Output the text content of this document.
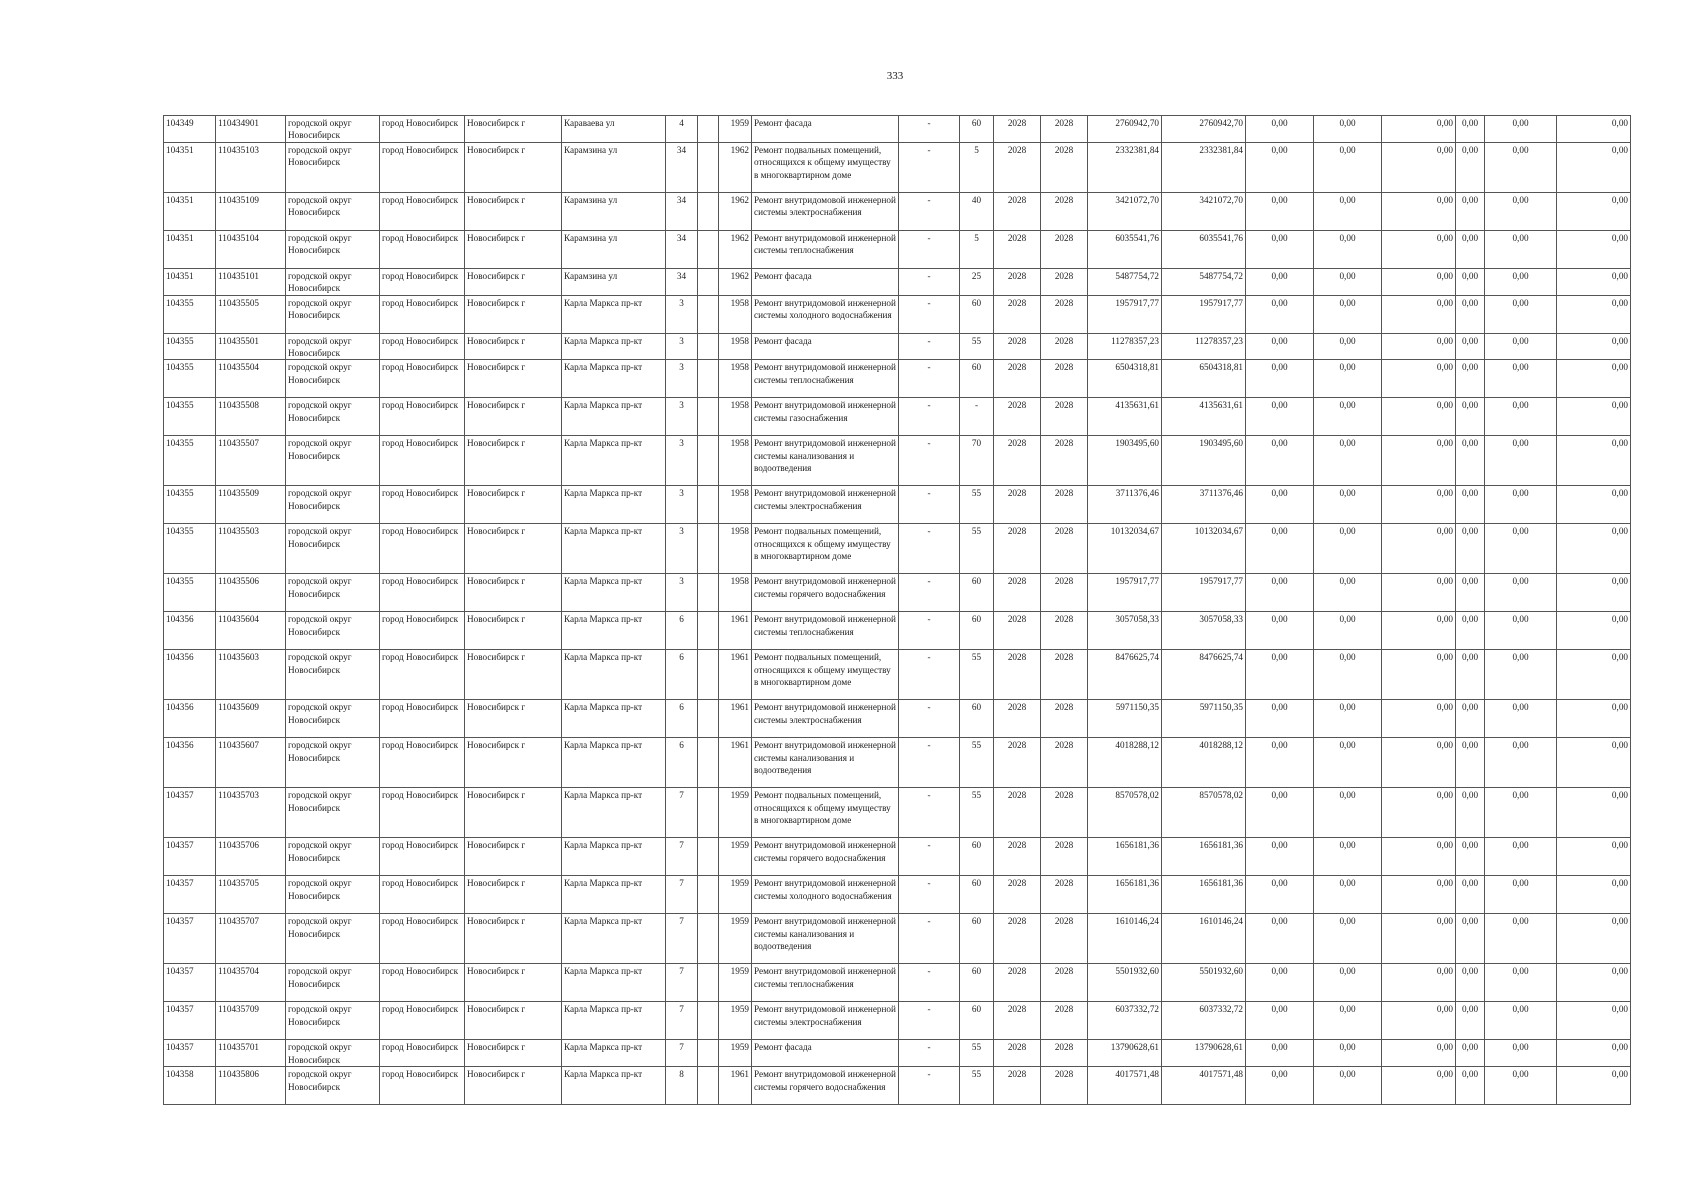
333
104349	110434901	городской округ Новосибирск	город Новосибирск	Новосибирск г	Караваева ул	4		1959	Ремонт фасада	-	60	2028	2028	2760942,70	2760942,70	0,00	0,00	0,00	0,00	0,00	0,00
104351	110435103	городской округ Новосибирск	город Новосибирск	Новосибирск г	Карамзина ул	34		1962	Ремонт подвальных помещений, относящихся к общему имуществу в многоквартирном доме	-	5	2028	2028	2332381,84	2332381,84	0,00	0,00	0,00	0,00	0,00	0,00
104351	110435109	городской округ Новосибирск	город Новосибирск	Новосибирск г	Карамзина ул	34		1962	Ремонт внутридомовой инженерной системы электроснабжения	-	40	2028	2028	3421072,70	3421072,70	0,00	0,00	0,00	0,00	0,00	0,00
104351	110435104	городской округ Новосибирск	город Новосибирск	Новосибирск г	Карамзина ул	34		1962	Ремонт внутридомовой инженерной системы теплоснабжения	-	5	2028	2028	6035541,76	6035541,76	0,00	0,00	0,00	0,00	0,00	0,00
104351	110435101	городской округ Новосибирск	город Новосибирск	Новосибирск г	Карамзина ул	34		1962	Ремонт фасада	-	25	2028	2028	5487754,72	5487754,72	0,00	0,00	0,00	0,00	0,00	0,00
104355	110435505	городской округ Новосибирск	город Новосибирск	Новосибирск г	Карла Маркса пр-кт	3		1958	Ремонт внутридомовой инженерной системы холодного водоснабжения	-	60	2028	2028	1957917,77	1957917,77	0,00	0,00	0,00	0,00	0,00	0,00
104355	110435501	городской округ Новосибирск	город Новосибирск	Новосибирск г	Карла Маркса пр-кт	3		1958	Ремонт фасада	-	55	2028	2028	11278357,23	11278357,23	0,00	0,00	0,00	0,00	0,00	0,00
104355	110435504	городской округ Новосибирск	город Новосибирск	Новосибирск г	Карла Маркса пр-кт	3		1958	Ремонт внутридомовой инженерной системы теплоснабжения	-	60	2028	2028	6504318,81	6504318,81	0,00	0,00	0,00	0,00	0,00	0,00
104355	110435508	городской округ Новосибирск	город Новосибирск	Новосибирск г	Карла Маркса пр-кт	3		1958	Ремонт внутридомовой инженерной системы газоснабжения	-	-	2028	2028	4135631,61	4135631,61	0,00	0,00	0,00	0,00	0,00	0,00
104355	110435507	городской округ Новосибирск	город Новосибирск	Новосибирск г	Карла Маркса пр-кт	3		1958	Ремонт внутридомовой инженерной системы канализования и водоотведения	-	70	2028	2028	1903495,60	1903495,60	0,00	0,00	0,00	0,00	0,00	0,00
104355	110435509	городской округ Новосибирск	город Новосибирск	Новосибирск г	Карла Маркса пр-кт	3		1958	Ремонт внутридомовой инженерной системы электроснабжения	-	55	2028	2028	3711376,46	3711376,46	0,00	0,00	0,00	0,00	0,00	0,00
104355	110435503	городской округ Новосибирск	город Новосибирск	Новосибирск г	Карла Маркса пр-кт	3		1958	Ремонт подвальных помещений, относящихся к общему имуществу в многоквартирном доме	-	55	2028	2028	10132034,67	10132034,67	0,00	0,00	0,00	0,00	0,00	0,00
104355	110435506	городской округ Новосибирск	город Новосибирск	Новосибирск г	Карла Маркса пр-кт	3		1958	Ремонт внутридомовой инженерной системы горячего водоснабжения	-	60	2028	2028	1957917,77	1957917,77	0,00	0,00	0,00	0,00	0,00	0,00
104356	110435604	городской округ Новосибирск	город Новосибирск	Новосибирск г	Карла Маркса пр-кт	6		1961	Ремонт внутридомовой инженерной системы теплоснабжения	-	60	2028	2028	3057058,33	3057058,33	0,00	0,00	0,00	0,00	0,00	0,00
104356	110435603	городской округ Новосибирск	город Новосибирск	Новосибирск г	Карла Маркса пр-кт	6		1961	Ремонт подвальных помещений, относящихся к общему имуществу в многоквартирном доме	-	55	2028	2028	8476625,74	8476625,74	0,00	0,00	0,00	0,00	0,00	0,00
104356	110435609	городской округ Новосибирск	город Новосибирск	Новосибирск г	Карла Маркса пр-кт	6		1961	Ремонт внутридомовой инженерной системы электроснабжения	-	60	2028	2028	5971150,35	5971150,35	0,00	0,00	0,00	0,00	0,00	0,00
104356	110435607	городской округ Новосибирск	город Новосибирск	Новосибирск г	Карла Маркса пр-кт	6		1961	Ремонт внутридомовой инженерной системы канализования и водоотведения	-	55	2028	2028	4018288,12	4018288,12	0,00	0,00	0,00	0,00	0,00	0,00
104357	110435703	городской округ Новосибирск	город Новосибирск	Новосибирск г	Карла Маркса пр-кт	7		1959	Ремонт подвальных помещений, относящихся к общему имуществу в многоквартирном доме	-	55	2028	2028	8570578,02	8570578,02	0,00	0,00	0,00	0,00	0,00	0,00
104357	110435706	городской округ Новосибирск	город Новосибирск	Новосибирск г	Карла Маркса пр-кт	7		1959	Ремонт внутридомовой инженерной системы горячего водоснабжения	-	60	2028	2028	1656181,36	1656181,36	0,00	0,00	0,00	0,00	0,00	0,00
104357	110435705	городской округ Новосибирск	город Новосибирск	Новосибирск г	Карла Маркса пр-кт	7		1959	Ремонт внутридомовой инженерной системы холодного водоснабжения	-	60	2028	2028	1656181,36	1656181,36	0,00	0,00	0,00	0,00	0,00	0,00
104357	110435707	городской округ Новосибирск	город Новосибирск	Новосибирск г	Карла Маркса пр-кт	7		1959	Ремонт внутридомовой инженерной системы канализования и водоотведения	-	60	2028	2028	1610146,24	1610146,24	0,00	0,00	0,00	0,00	0,00	0,00
104357	110435704	городской округ Новосибирск	город Новосибирск	Новосибирск г	Карла Маркса пр-кт	7		1959	Ремонт внутридомовой инженерной системы теплоснабжения	-	60	2028	2028	5501932,60	5501932,60	0,00	0,00	0,00	0,00	0,00	0,00
104357	110435709	городской округ Новосибирск	город Новосибирск	Новосибирск г	Карла Маркса пр-кт	7		1959	Ремонт внутридомовой инженерной системы электроснабжения	-	60	2028	2028	6037332,72	6037332,72	0,00	0,00	0,00	0,00	0,00	0,00
104357	110435701	городской округ Новосибирск	город Новосибирск	Новосибирск г	Карла Маркса пр-кт	7		1959	Ремонт фасада	-	55	2028	2028	13790628,61	13790628,61	0,00	0,00	0,00	0,00	0,00	0,00
104358	110435806	городской округ Новосибирск	город Новосибирск	Новосибирск г	Карла Маркса пр-кт	8		1961	Ремонт внутридомовой инженерной системы горячего водоснабжения	-	55	2028	2028	4017571,48	4017571,48	0,00	0,00	0,00	0,00	0,00	0,00
